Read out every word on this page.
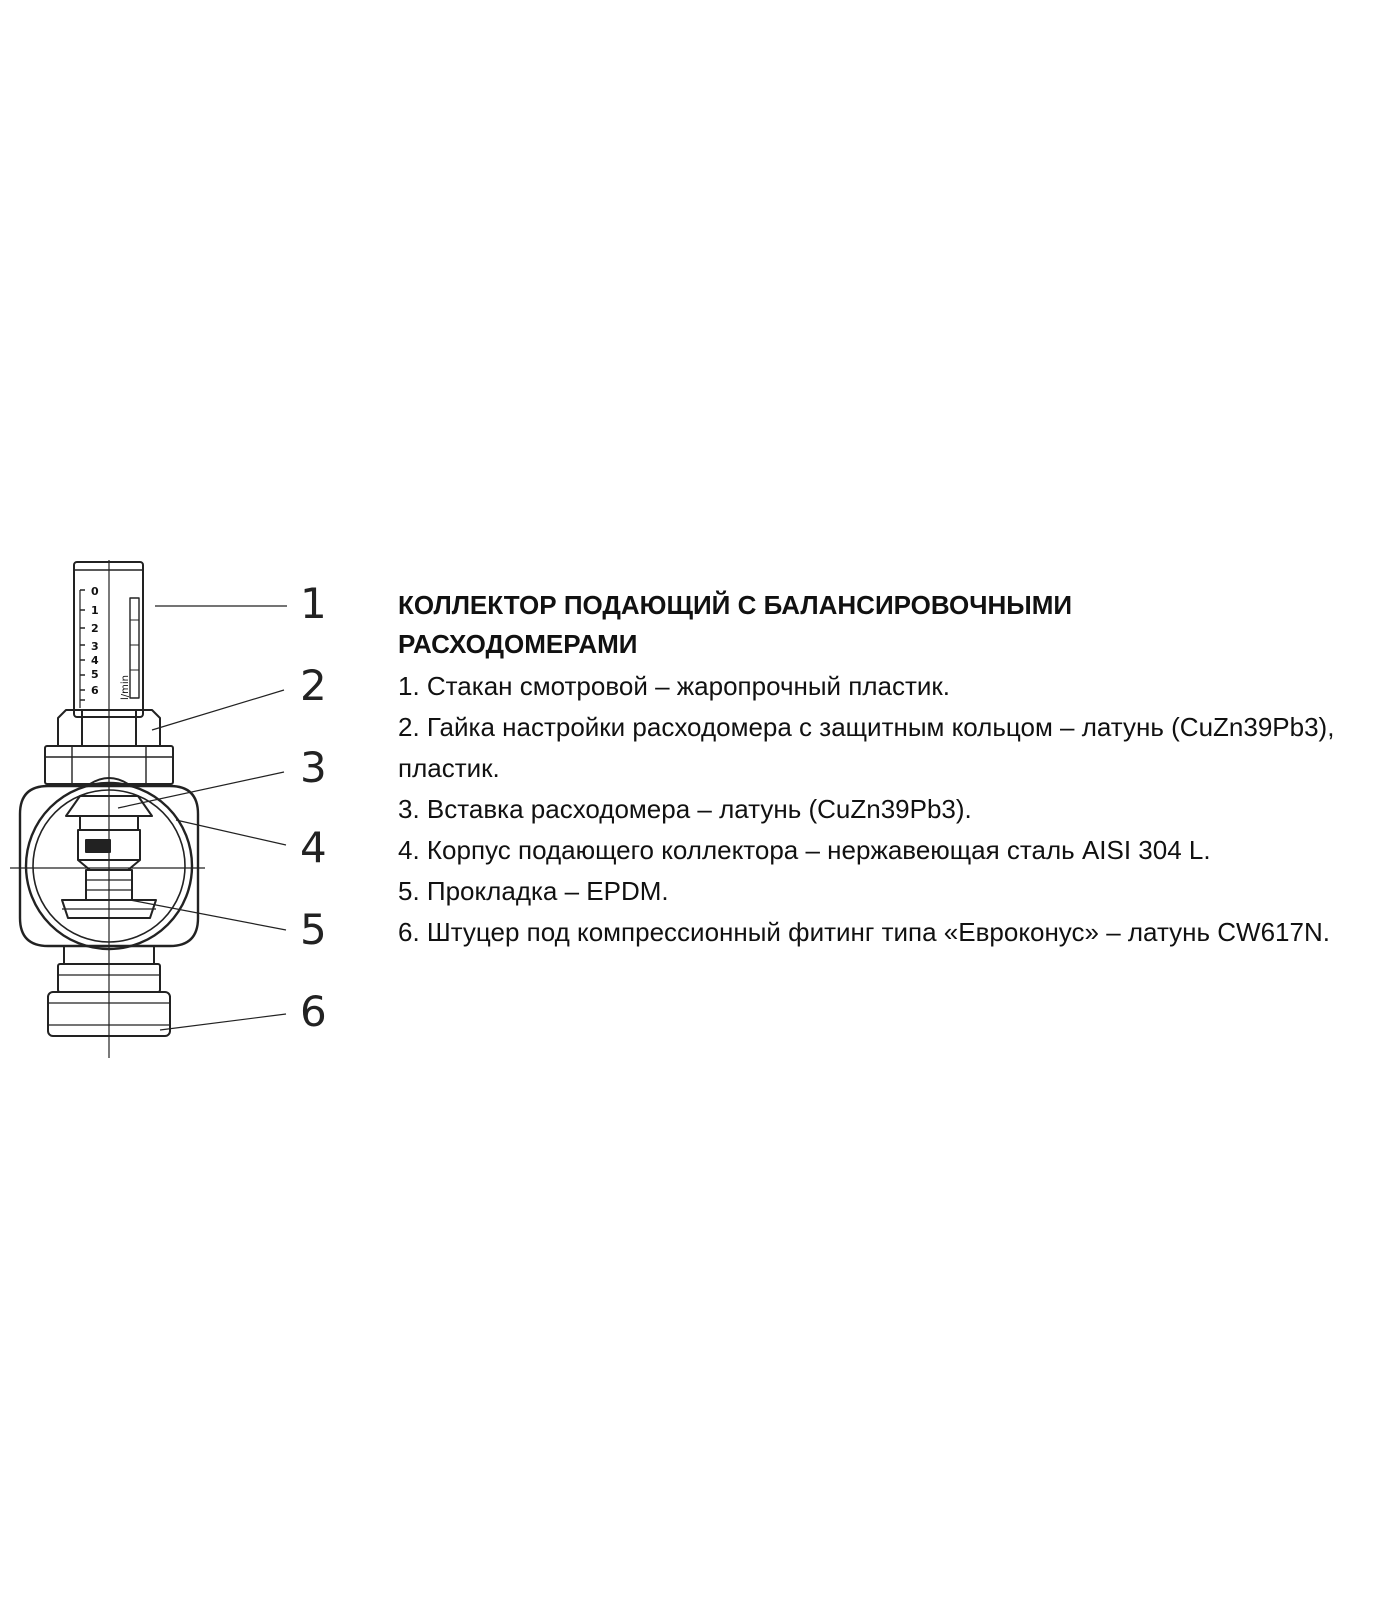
0
1
2
3
4
5
6 l/min
1
2
3
4
5
6
КОЛЛЕКТОР ПОДАЮЩИЙ С БАЛАНСИРОВОЧНЫМИ
РАСХОДОМЕРАМИ
1. Стакан смотровой – жаропрочный пластик.
2. Гайка настройки расходомера с защитным кольцом – латунь (CuZn39Pb3), пластик.
3. Вставка расходомера – латунь (CuZn39Pb3).
4. Корпус подающего коллектора – нержавеющая сталь AISI 304 L.
5. Прокладка – EPDM.
6. Штуцер под компрессионный фитинг типа «Евроконус» – латунь CW617N.
